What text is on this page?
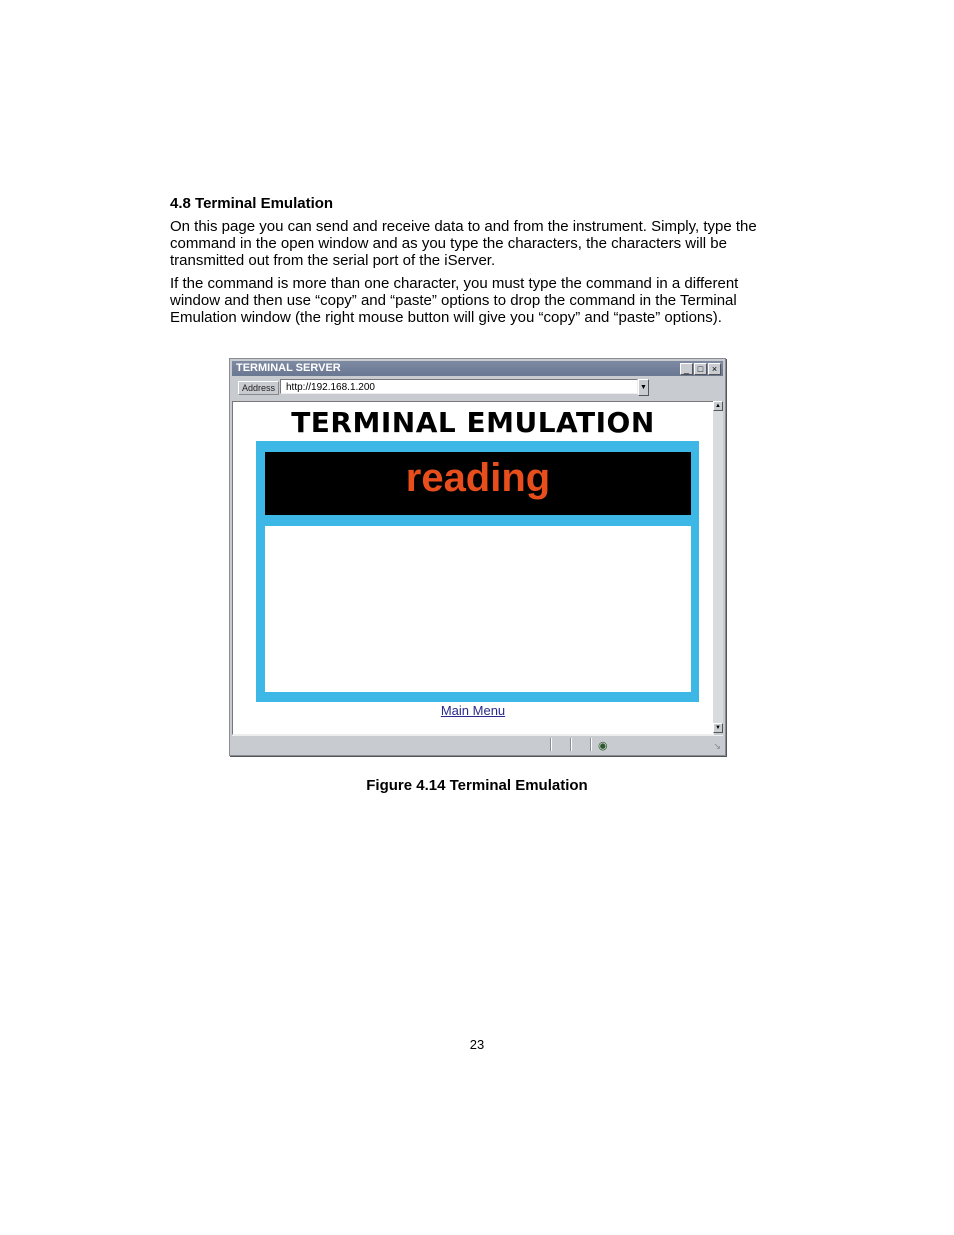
4.8 Terminal Emulation

On this page you can send and receive data to and from the instrument. Simply, type the command in the open window and as you type the characters, the characters will be transmitted out from the serial port of the iServer.

If the command is more than one character, you must type the command in a different window and then use “copy” and “paste” options to drop the command in the Terminal Emulation window (the right mouse button will give you “copy” and “paste” options).

TERMINAL SERVER	_ □ ×
Address	http://192.168.1.200	▼
TERMINAL EMULATION
reading
Main Menu
▲
▼
◉	↘
Figure 4.14 Terminal Emulation
23
